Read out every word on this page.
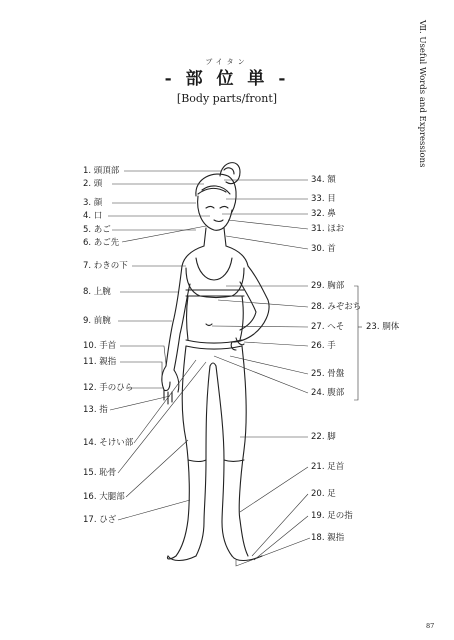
ブイタン
- 部 位 単 -
[Body parts/front]	Ⅶ. Useful Words and Expressions
87
1. 頭頂部
2. 頭
3. 顔
4. 口
5. あご
6. あご先
7. わきの下
8. 上腕
9. 前腕
10. 手首
11. 親指
12. 手のひら
13. 指
14. そけい部
15. 恥骨
16. 大腿部
17. ひざ
34. 額
33. 目
32. 鼻
31. ほお
30. 首
29. 胸部
28. みぞおち
27. へそ
26. 手
25. 骨盤
24. 腹部
22. 脚
21. 足首
20. 足
19. 足の指
18. 親指
23. 胴体
